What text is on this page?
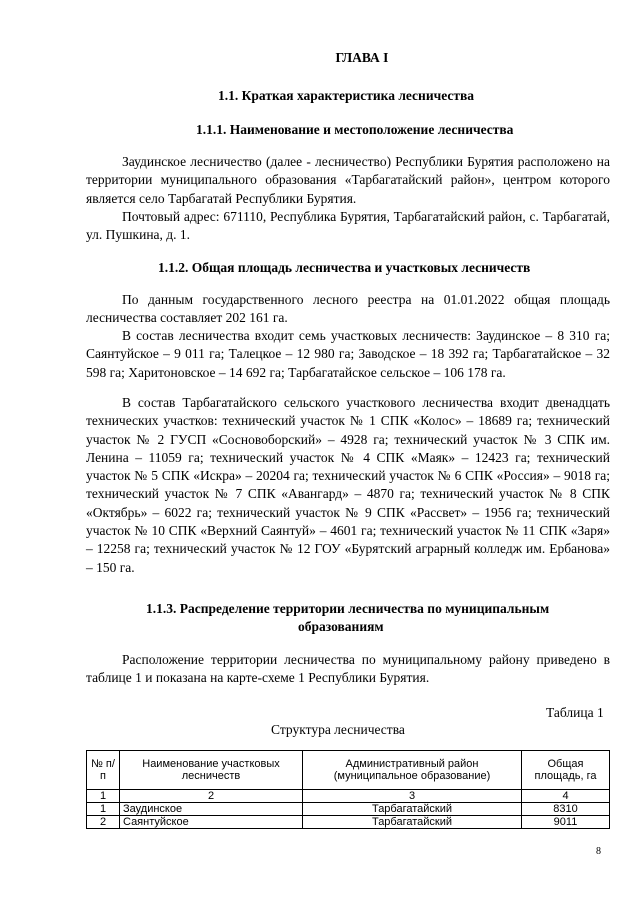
ГЛАВА I
1.1. Краткая характеристика лесничества
1.1.1. Наименование и местоположение лесничества

Заудинское лесничество (далее - лесничество) Республики Бурятия расположено на территории муниципального образования «Тарбагатайский район», центром которого является село Тарбагатай Республики Бурятия.

Почтовый адрес: 671110, Республика Бурятия, Тарбагатайский район, с. Тарбагатай, ул. Пушкина, д. 1.

1.1.2. Общая площадь лесничества и участковых лесничеств

По данным государственного лесного реестра на 01.01.2022 общая площадь лесничества составляет 202 161 га.

В состав лесничества входит семь участковых лесничеств: Заудинское – 8 310 га; Саянтуйское – 9 011 га; Талецкое – 12 980 га; Заводское – 18 392 га; Тарбагатайское – 32 598 га; Харитоновское – 14 692 га; Тарбагатайское сельское – 106 178 га.

В состав Тарбагатайского сельского участкового лесничества входит двенадцать технических участков: технический участок № 1 СПК «Колос» – 18689 га; технический участок № 2 ГУСП «Сосновоборский» – 4928 га; технический участок № 3 СПК им. Ленина – 11059 га; технический участок № 4 СПК «Маяк» – 12423 га; технический участок № 5 СПК «Искра» – 20204 га; технический участок № 6 СПК «Россия» – 9018 га; технический участок № 7 СПК «Авангард» – 4870 га; технический участок № 8 СПК «Октябрь» – 6022 га; технический участок № 9 СПК «Рассвет» – 1956 га; технический участок № 10 СПК «Верхний Саянтуй» – 4601 га; технический участок № 11 СПК «Заря» – 12258 га; технический участок № 12 ГОУ «Бурятский аграрный колледж им. Ербанова» – 150 га.

1.1.3. Распределение территории лесничества по муниципальным
образованиям

Расположение территории лесничества по муниципальному району приведено в таблице 1 и показана на карте-схеме 1 Республики Бурятия.

Таблица 1
Структура лесничества
№ п/п	Наименование участковых лесничеств	Административный район (муниципальное образование)	Общая площадь, га
1	2	3	4
1	Заудинское	Тарбагатайский	8310
2	Саянтуйское	Тарбагатайский	9011
8
